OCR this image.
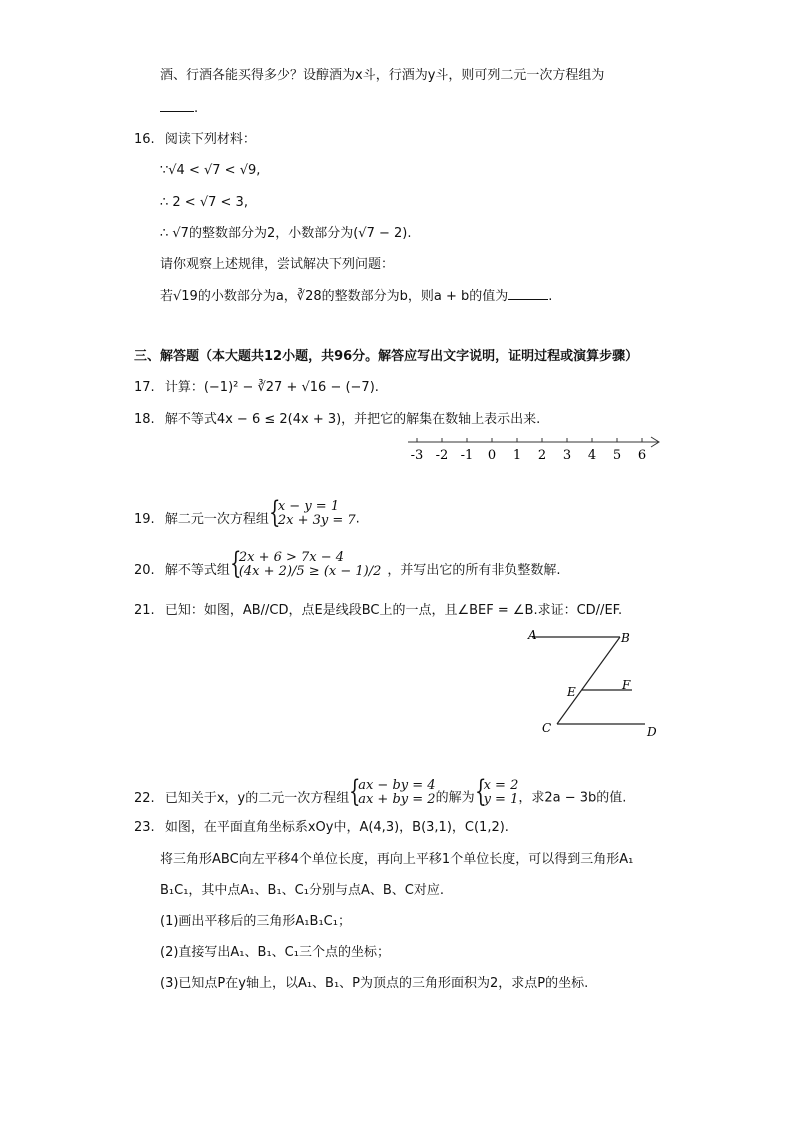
酒、行酒各能买得多少？设醇酒为x斗，行酒为y斗，则可列二元一次方程组为
.
16. 阅读下列材料：
∵√4 < √7 < √9,
∴ 2 < √7 < 3,
∴ √7的整数部分为2，小数部分为(√7 − 2).
请你观察上述规律，尝试解决下列问题：
若√19的小数部分为a，∛28的整数部分为b，则a + b的值为	.
三、解答题（本大题共12小题，共96分。解答应写出文字说明，证明过程或演算步骤）
17. 计算：(−1)² − ∛27 + √16 − (−7).
18. 解不等式4x − 6 ≤ 2(4x + 3)，并把它的解集在数轴上表示出来.
-3 -2 -1 0 1 2 3 4 5 6
19. 解二元一次方程组 {
x − y = 1
2x + 3y = 7 .
20. 解不等式组 {
2x + 6 > 7x − 4
(4x + 2)/5 ≥ (x − 1)/2 ，并写出它的所有非负整数解.
21. 已知：如图，AB//CD，点E是线段BC上的一点，且∠BEF = ∠B.求证：CD//EF.
A	B
E	F
C	D
22. 已知关于x，y的二元一次方程组 {
ax − by = 4
ax + by = 2 的解为 {
x = 2
y = 1 ，求2a − 3b的值.
23. 如图，在平面直角坐标系xOy中，A(4,3)，B(3,1)，C(1,2).
将三角形ABC向左平移4个单位长度，再向上平移1个单位长度，可以得到三角形A₁
B₁C₁，其中点A₁、B₁、C₁分别与点A、B、C对应.
(1)画出平移后的三角形A₁B₁C₁；
(2)直接写出A₁、B₁、C₁三个点的坐标；
(3)已知点P在y轴上，以A₁、B₁、P为顶点的三角形面积为2，求点P的坐标.
